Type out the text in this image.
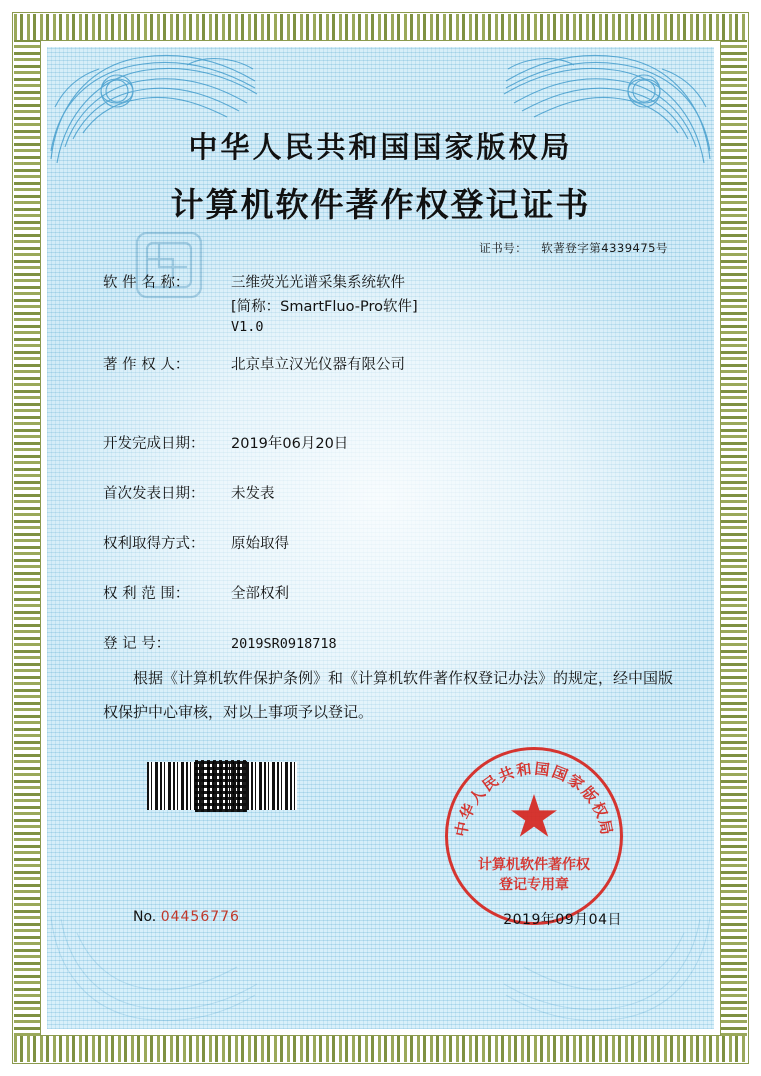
中华人民共和国国家版权局
计算机软件著作权登记证书
证书号： 软著登字第4339475号
软 件 名 称：	三维荧光光谱采集系统软件
[简称：SmartFluo-Pro软件]
V1.0
著 作 权 人：	北京卓立汉光仪器有限公司
开发完成日期： 2019年06月20日
首次发表日期： 未发表
权利取得方式： 原始取得
权 利 范 围：	全部权利
登 记 号：	2019SR0918718
根据《计算机软件保护条例》和《计算机软件著作权登记办法》的规定，经中国版权保护中心审核，对以上事项予以登记。
中华人民共和国国家版权局
计算机软件著作权
登记专用章
No. 04456776	2019年09月04日
